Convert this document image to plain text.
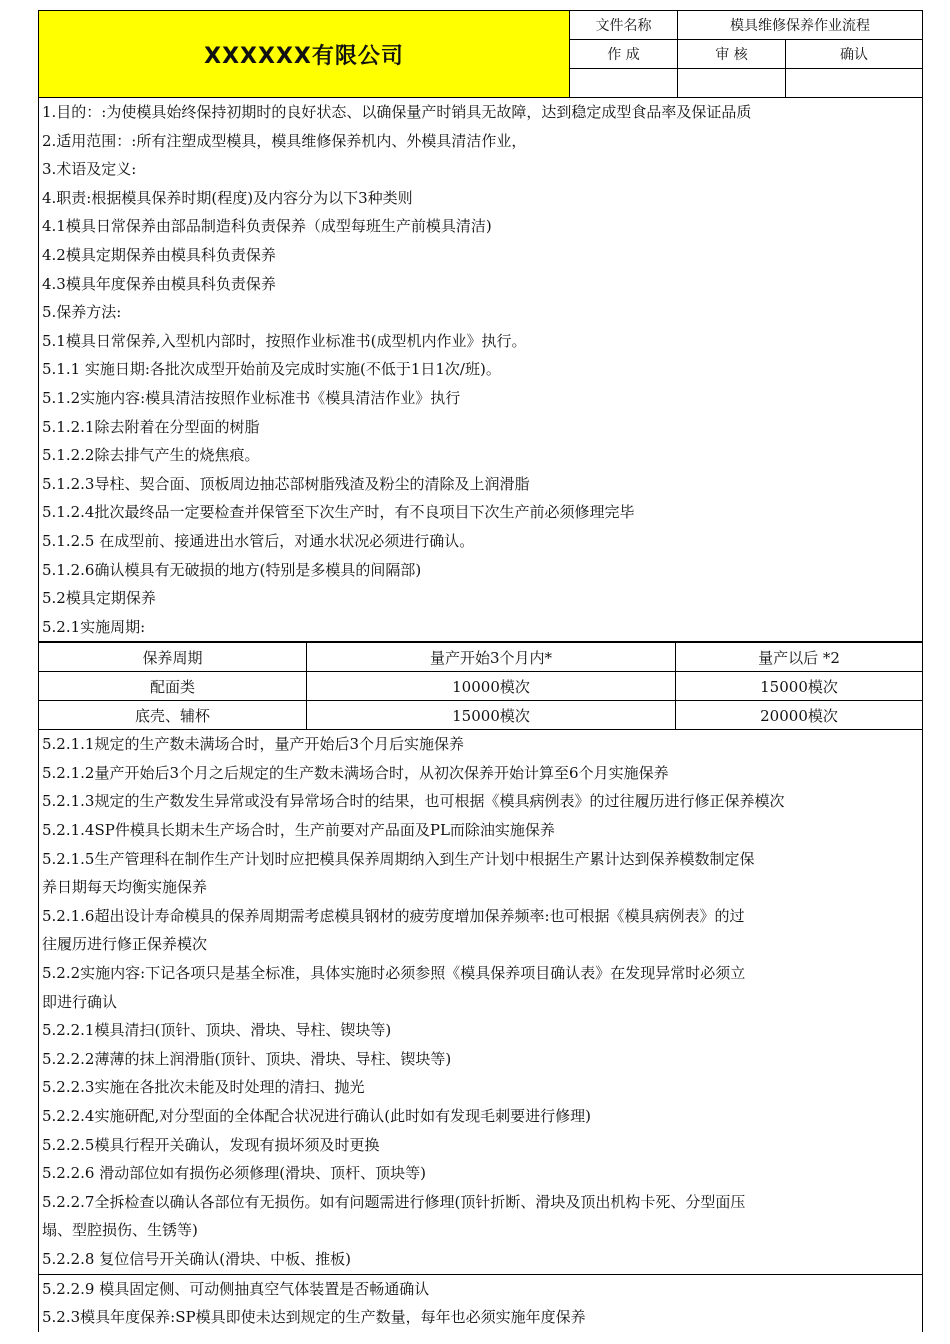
XXXXXX有限公司
文件名称	模具维修保养作业流程
作 成	审 核	确认
1.目的：:为使模具始终保持初期时的良好状态、以确保量产时销具无故障，达到稳定成型食品率及保证品质
2.适用范围：:所有注塑成型模具，模具维修保养机内、外模具清洁作业，
3.术语及定义:
4.职责:根据模具保养时期(程度)及内容分为以下3种类则
4.1模具日常保养由部品制造科负责保养（成型每班生产前模具清洁)
4.2模具定期保养由模具科负责保养
4.3模具年度保养由模具科负责保养
5.保养方法:
5.1模具日常保养,入型机内部时，按照作业标准书(成型机内作业》执行。
5.1.1 实施日期:各批次成型开始前及完成时实施(不低于1日1次/班)。
5.1.2实施内容:模具清洁按照作业标准书《模具清洁作业》执行
5.1.2.1除去附着在分型面的树脂
5.1.2.2除去排气产生的烧焦痕。
5.1.2.3导柱、契合面、顶板周边抽芯部树脂残渣及粉尘的清除及上润滑脂
5.1.2.4批次最终品一定要检查并保管至下次生产时，有不良项目下次生产前必须修理完毕
5.1.2.5 在成型前、接通进出水管后，对通水状况必须进行确认。
5.1.2.6确认模具有无破损的地方(特别是多模具的间隔部)
5.2模具定期保养
5.2.1实施周期:
保养周期	量产开始3个月内*	量产以后 *2
配面类	10000模次	15000模次
底壳、辅杯	15000模次	20000模次
5.2.1.1规定的生产数未满场合时，量产开始后3个月后实施保养
5.2.1.2量产开始后3个月之后规定的生产数未满场合时，从初次保养开始计算至6个月实施保养
5.2.1.3规定的生产数发生异常或没有异常场合时的结果，也可根据《模具病例表》的过往履历进行修正保养模次
5.2.1.4SP件模具长期未生产场合时，生产前要对产品面及PL而除油实施保养
5.2.1.5生产管理科在制作生产计划时应把模具保养周期纳入到生产计划中根据生产累计达到保养模数制定保
养日期每天均衡实施保养
5.2.1.6超出设计寿命模具的保养周期需考虑模具钢材的疲劳度增加保养频率:也可根据《模具病例表》的过
往履历进行修正保养模次
5.2.2实施内容:下记各项只是基全标准，具体实施时必须参照《模具保养项目确认表》在发现异常时必须立
即进行确认
5.2.2.1模具清扫(顶针、顶块、滑块、导柱、锲块等)
5.2.2.2薄薄的抹上润滑脂(顶针、顶块、滑块、导柱、锲块等)
5.2.2.3实施在各批次未能及时处理的清扫、抛光
5.2.2.4实施研配,对分型面的全体配合状况进行确认(此时如有发现毛刺要进行修理)
5.2.2.5模具行程开关确认，发现有损坏须及时更换
5.2.2.6 滑动部位如有损伤必须修理(滑块、顶杆、顶块等)
5.2.2.7全拆检查以确认各部位有无损伤。如有问题需进行修理(顶针折断、滑块及顶出机构卡死、分型面压
塌、型腔损伤、生锈等)
5.2.2.8 复位信号开关确认(滑块、中板、推板)
5.2.2.9 模具固定侧、可动侧抽真空气体装置是否畅通确认
5.2.3模具年度保养:SP模具即使未达到规定的生产数量，每年也必须实施年度保养
